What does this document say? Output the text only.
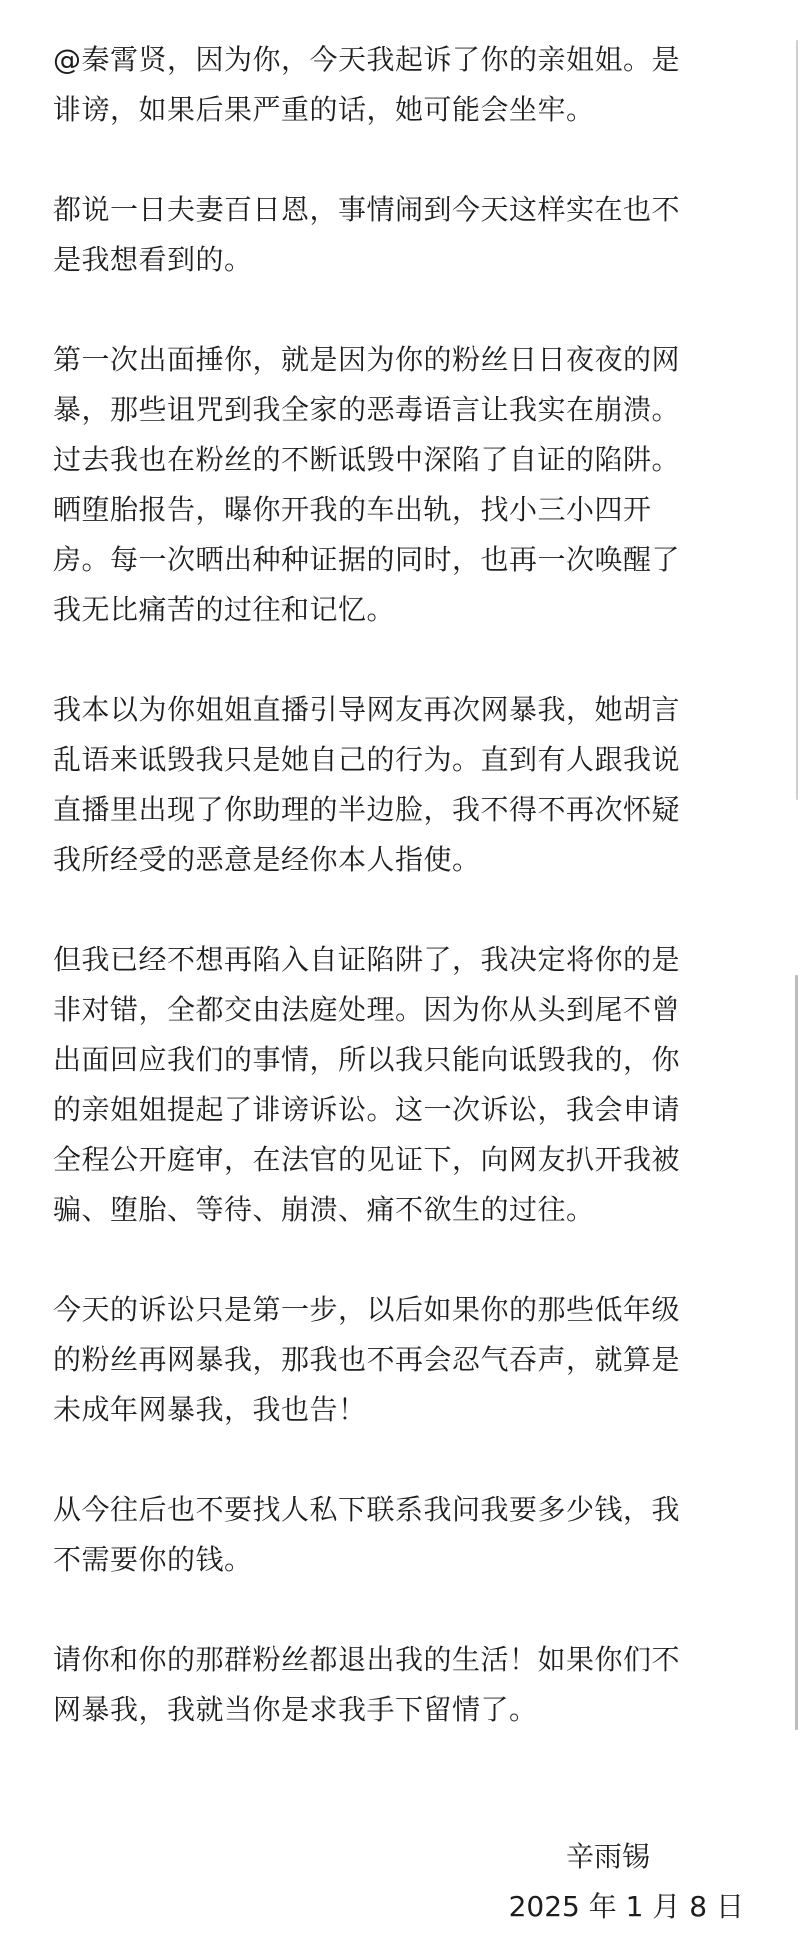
@秦霄贤，因为你，今天我起诉了你的亲姐姐。是
诽谤，如果后果严重的话，她可能会坐牢。
都说一日夫妻百日恩，事情闹到今天这样实在也不
是我想看到的。
第一次出面捶你，就是因为你的粉丝日日夜夜的网
暴，那些诅咒到我全家的恶毒语言让我实在崩溃。
过去我也在粉丝的不断诋毁中深陷了自证的陷阱。
晒堕胎报告，曝你开我的车出轨，找小三小四开
房。每一次晒出种种证据的同时，也再一次唤醒了
我无比痛苦的过往和记忆。
我本以为你姐姐直播引导网友再次网暴我，她胡言
乱语来诋毁我只是她自己的行为。直到有人跟我说
直播里出现了你助理的半边脸，我不得不再次怀疑
我所经受的恶意是经你本人指使。
但我已经不想再陷入自证陷阱了，我决定将你的是
非对错，全都交由法庭处理。因为你从头到尾不曾
出面回应我们的事情，所以我只能向诋毁我的，你
的亲姐姐提起了诽谤诉讼。这一次诉讼，我会申请
全程公开庭审，在法官的见证下，向网友扒开我被
骗、堕胎、等待、崩溃、痛不欲生的过往。
今天的诉讼只是第一步，以后如果你的那些低年级
的粉丝再网暴我，那我也不再会忍气吞声，就算是
未成年网暴我，我也告！
从今往后也不要找人私下联系我问我要多少钱，我
不需要你的钱。
请你和你的那群粉丝都退出我的生活！如果你们不
网暴我，我就当你是求我手下留情了。
辛雨锡
2025 年 1 月 8 日
